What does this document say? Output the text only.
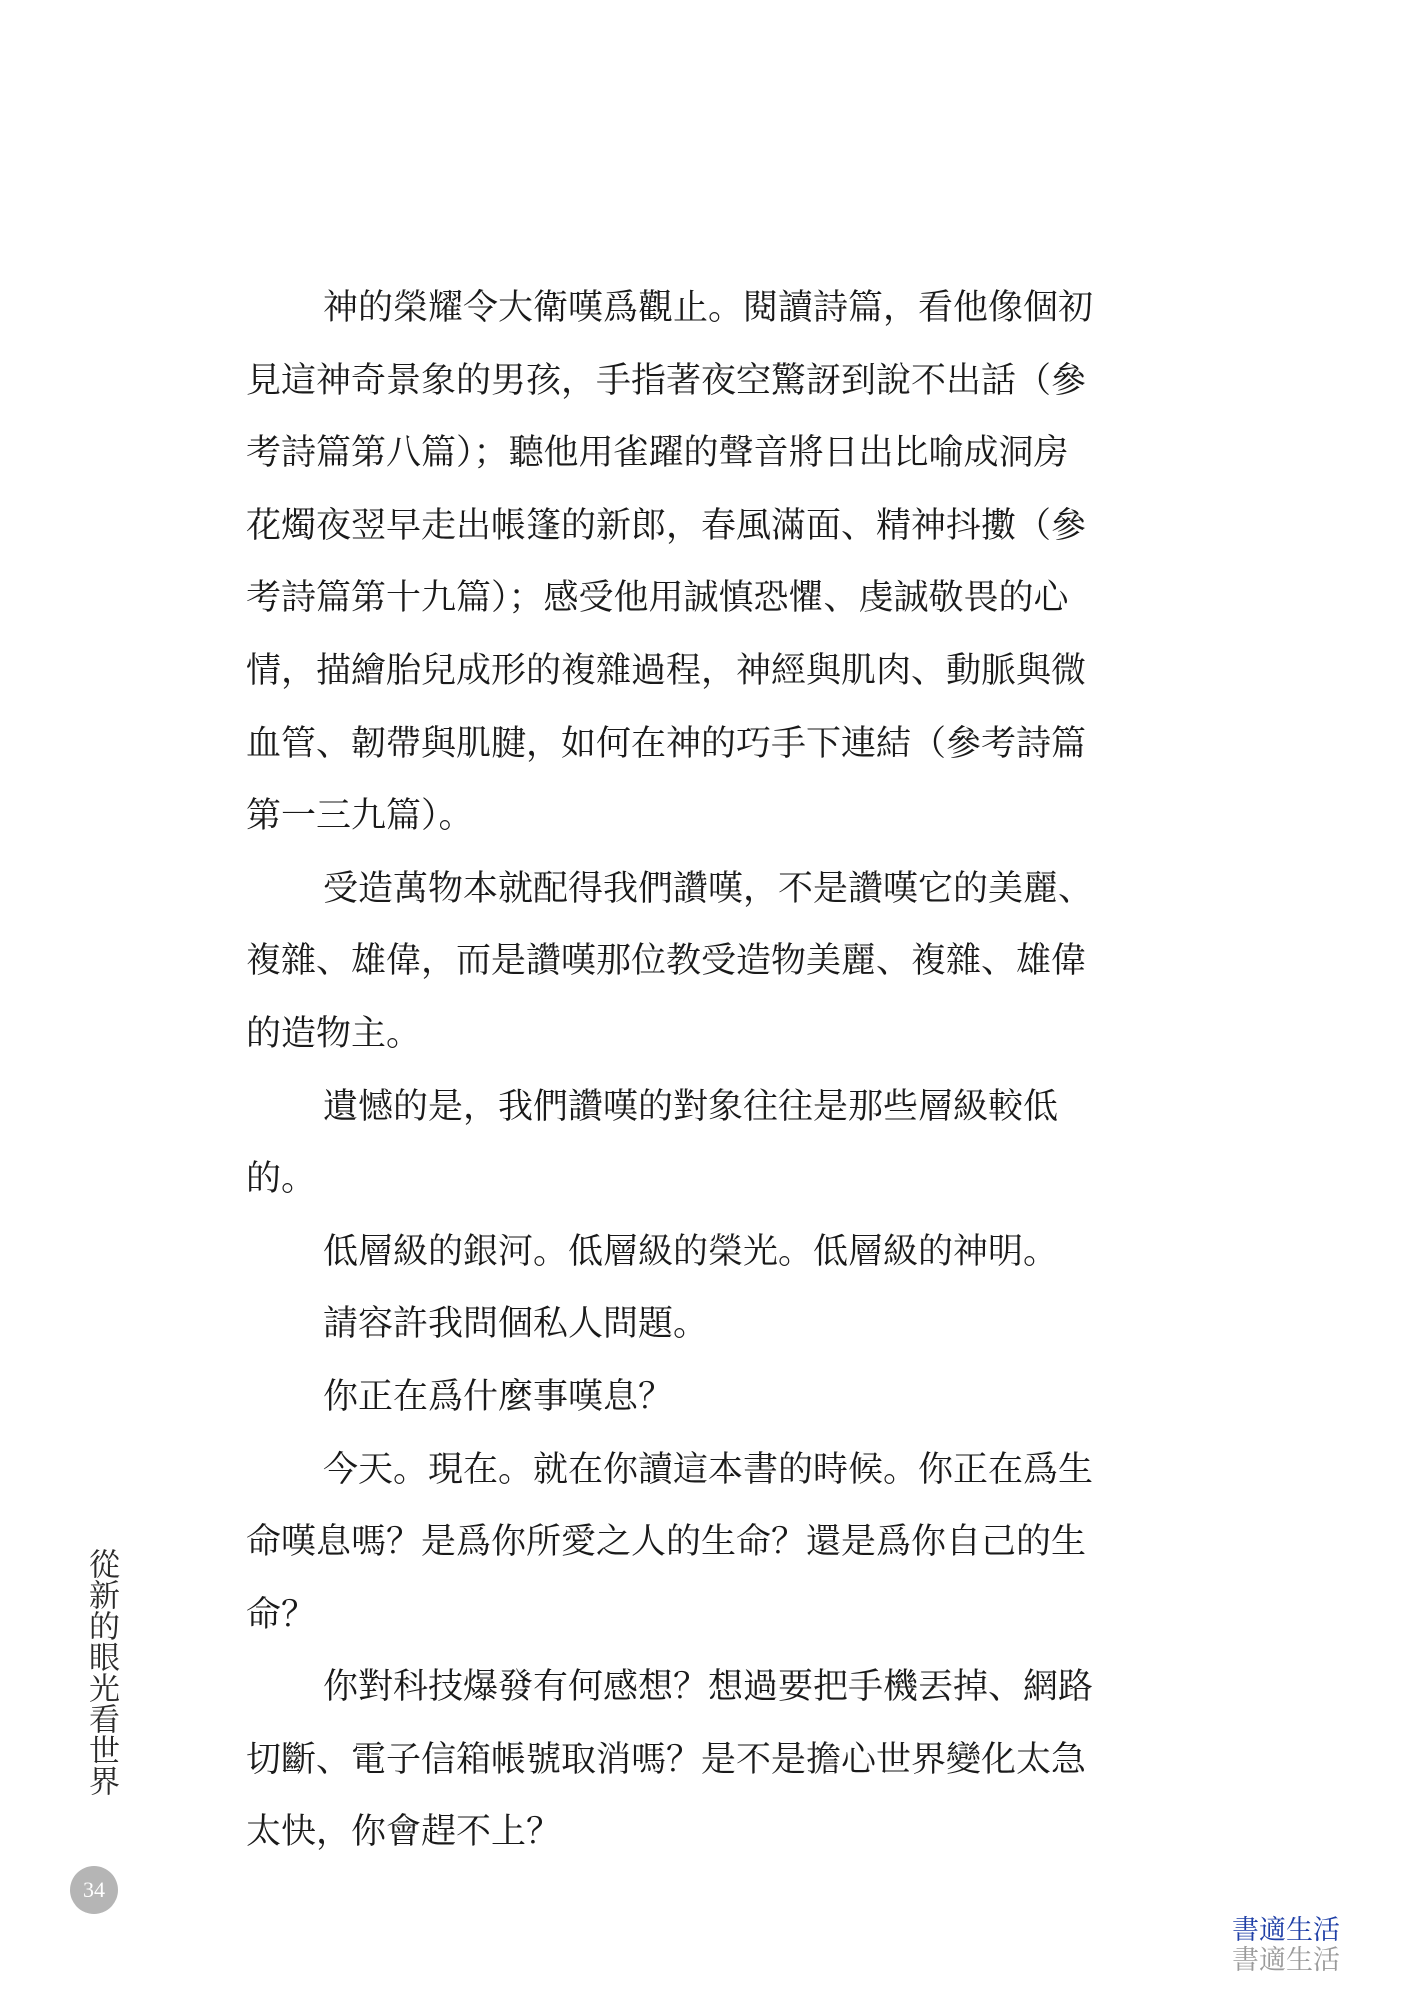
神的榮耀令大衛嘆爲觀止。閱讀詩篇，看他像個初
見這神奇景象的男孩，手指著夜空驚訝到說不出話（參
考詩篇第八篇）；聽他用雀躍的聲音將日出比喻成洞房
花燭夜翌早走出帳篷的新郎，春風滿面、精神抖擻（參
考詩篇第十九篇）；感受他用誠慎恐懼、虔誠敬畏的心
情，描繪胎兒成形的複雜過程，神經與肌肉、動脈與微
血管、韌帶與肌腱，如何在神的巧手下連結（參考詩篇
第一三九篇）。
受造萬物本就配得我們讚嘆，不是讚嘆它的美麗、
複雜、雄偉，而是讚嘆那位教受造物美麗、複雜、雄偉
的造物主。
遺憾的是，我們讚嘆的對象往往是那些層級較低
的。
低層級的銀河。低層級的榮光。低層級的神明。
請容許我問個私人問題。
你正在爲什麼事嘆息？
今天。現在。就在你讀這本書的時候。你正在爲生
命嘆息嗎？是爲你所愛之人的生命？還是爲你自己的生
命？
你對科技爆發有何感想？想過要把手機丟掉、網路
切斷、電子信箱帳號取消嗎？是不是擔心世界變化太急
太快，你會趕不上？
從新的眼光看世界
34
書適生活
書適生活
